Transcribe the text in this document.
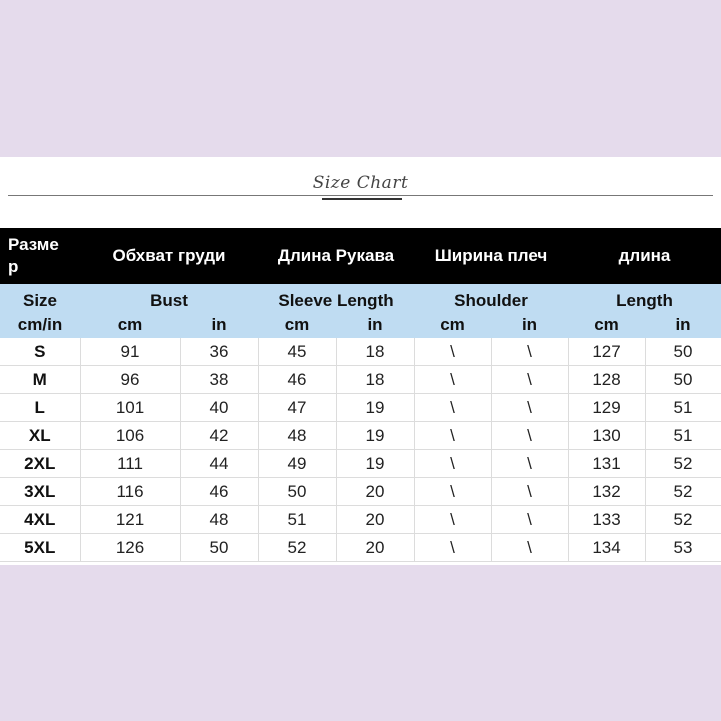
Size Chart
Разме
р	Обхват груди		Длина Рукава		Ширина плеч		длина	
Size	Bust		Sleeve Length		Shoulder		Length	
cm/in	cm	in	cm	in	cm	in	cm	in
S	91	36	45	18	\	\	127	50
M	96	38	46	18	\	\	128	50
L	101	40	47	19	\	\	129	51
XL	106	42	48	19	\	\	130	51
2XL	111	44	49	19	\	\	131	52
3XL	116	46	50	20	\	\	132	52
4XL	121	48	51	20	\	\	133	52
5XL	126	50	52	20	\	\	134	53
